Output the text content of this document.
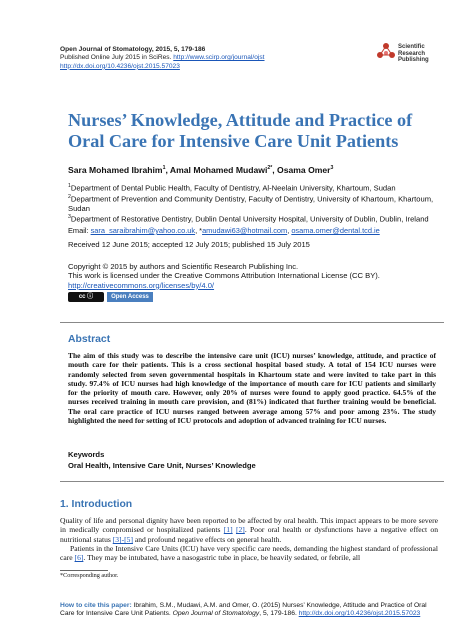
Open Journal of Stomatology, 2015, 5, 179-186
Published Online July 2015 in SciRes. http://www.scirp.org/journal/ojst
http://dx.doi.org/10.4236/ojst.2015.57023
Scientific
Research
Publishing
Nurses’ Knowledge, Attitude and Practice of Oral Care for Intensive Care Unit Patients
Sara Mohamed Ibrahim$^1$, Amal Mohamed Mudawi$^{2*}$, Osama Omer$^3$
$^1$Department of Dental Public Health, Faculty of Dentistry, Al-Neelain University, Khartoum, Sudan
$^2$Department of Prevention and Community Dentistry, Faculty of Dentistry, University of Khartoum, Khartoum, Sudan
$^3$Department of Restorative Dentistry, Dublin Dental University Hospital, University of Dublin, Dublin, Ireland
Email: sara_saraibrahim@yahoo.co.uk, *amudawi63@hotmail.com, osama.omer@dental.tcd.ie
Received 12 June 2015; accepted 12 July 2015; published 15 July 2015
Copyright © 2015 by authors and Scientific Research Publishing Inc.
This work is licensed under the Creative Commons Attribution International License (CC BY).
http://creativecommons.org/licenses/by/4.0/
cc ⓘ	Open Access
Abstract
The aim of this study was to describe the intensive care unit (ICU) nurses’ knowledge, attitude, and practice of mouth care for their patients. This is a cross sectional hospital based study. A total of 154 ICU nurses were randomly selected from seven governmental hospitals in Khartoum state and were invited to take part in this study. 97.4% of ICU nurses had high knowledge of the importance of mouth care for ICU patients and similarly for the priority of mouth care. However, only 20% of nurses were found to apply good practice. 64.5% of the nurses received training in mouth care provision, and (81%) indicated that further training would be beneficial. The oral care practice of ICU nurses ranged between average among 57% and poor among 23%. The study highlighted the need for setting of ICU protocols and adoption of advanced training for ICU nurses.
Keywords
Oral Health, Intensive Care Unit, Nurses’ Knowledge
1. Introduction

Quality of life and personal dignity have been reported to be affected by oral health. This impact appears to be more severe in medically compromised or hospitalized patients [1] [2]. Poor oral health or dysfunctions have a negative effect on nutritional status [3]-[5] and profound negative effects on general health.

Patients in the Intensive Care Units (ICU) have very specific care needs, demanding the highest standard of professional care [6]. They may be intubated, have a nasogastric tube in place, be heavily sedated, or febrile, all

*Corresponding author.
How to cite this paper: Ibrahim, S.M., Mudawi, A.M. and Omer, O. (2015) Nurses’ Knowledge, Attitude and Practice of Oral Care for Intensive Care Unit Patients. Open Journal of Stomatology, 5, 179-186. http://dx.doi.org/10.4236/ojst.2015.57023
